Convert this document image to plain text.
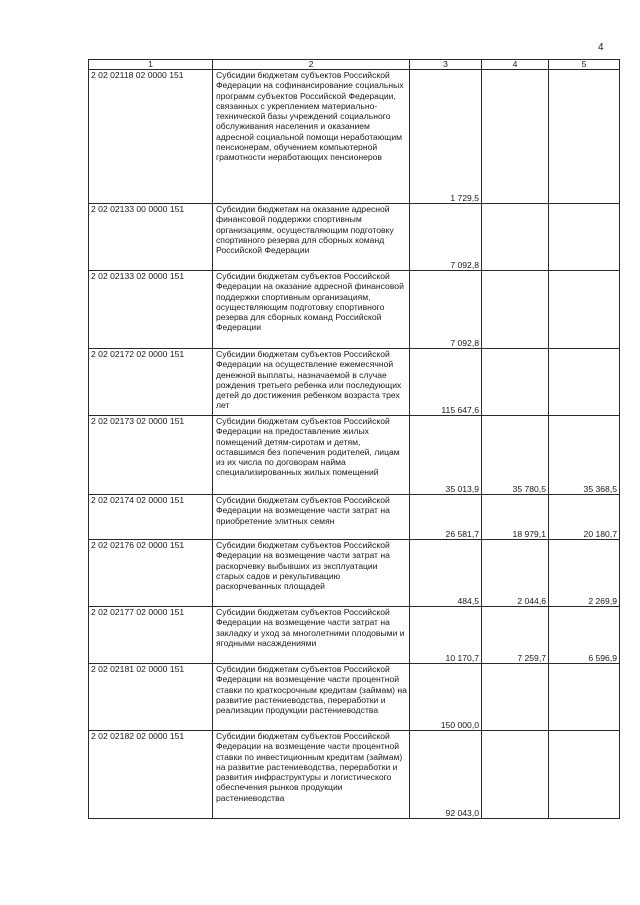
4
1	2	3	4	5
2 02 02118 02 0000 151	Субсидии бюджетам субъектов Российской Федерации на софинансирование социальных программ субъектов Российской Федерации, связанных с укреплением материально-технической базы учреждений социального обслуживания населения и оказанием адресной социальной помощи неработающим пенсионерам, обучением компьютерной грамотности неработающих пенсионеров	1 729,5		
2 02 02133 00 0000 151	Субсидии бюджетам на оказание адресной финансовой поддержки спортивным организациям, осуществляющим подготовку спортивного резерва для сборных команд Российской Федерации	7 092,8		
2 02 02133 02 0000 151	Субсидии бюджетам субъектов Российской Федерации на оказание адресной финансовой поддержки спортивным организациям, осуществляющим подготовку спортивного резерва для сборных команд Российской Федерации	7 092,8		
2 02 02172 02 0000 151	Субсидии бюджетам субъектов Российской Федерации на осуществление ежемесячной денежной выплаты, назначаемой в случае рождения третьего ребенка или последующих детей до достижения ребенком возраста трех лет	115 647,6		
2 02 02173 02 0000 151	Субсидии бюджетам субъектов Российской Федерации на предоставление жилых помещений детям-сиротам и детям, оставшимся без попечения родителей, лицам из их числа по договорам найма специализированных жилых помещений	35 013,9	35 780,5	35 368,5
2 02 02174 02 0000 151	Субсидии бюджетам субъектов Российской Федерации на возмещение части затрат на приобретение элитных семян	26 581,7	18 979,1	20 180,7
2 02 02176 02 0000 151	Субсидии бюджетам субъектов Российской Федерации на возмещение части затрат на раскорчевку выбывших из эксплуатации старых садов и рекультивацию раскорчеванных площадей	484,5	2 044,6	2 269,9
2 02 02177 02 0000 151	Субсидии бюджетам субъектов Российской Федерации на возмещение части затрат на закладку и уход за многолетними плодовыми и ягодными насаждениями	10 170,7	7 259,7	6 596,9
2 02 02181 02 0000 151	Субсидии бюджетам субъектов Российской Федерации на возмещение части процентной ставки по краткосрочным кредитам (займам) на развитие растениеводства, переработки и реализации продукции растениеводства	150 000,0		
2 02 02182 02 0000 151	Субсидии бюджетам субъектов Российской Федерации на возмещение части процентной ставки по инвестиционным кредитам (займам) на развитие растениеводства, переработки и развития инфраструктуры и логистического обеспечения рынков продукции растениеводства	92 043,0		
